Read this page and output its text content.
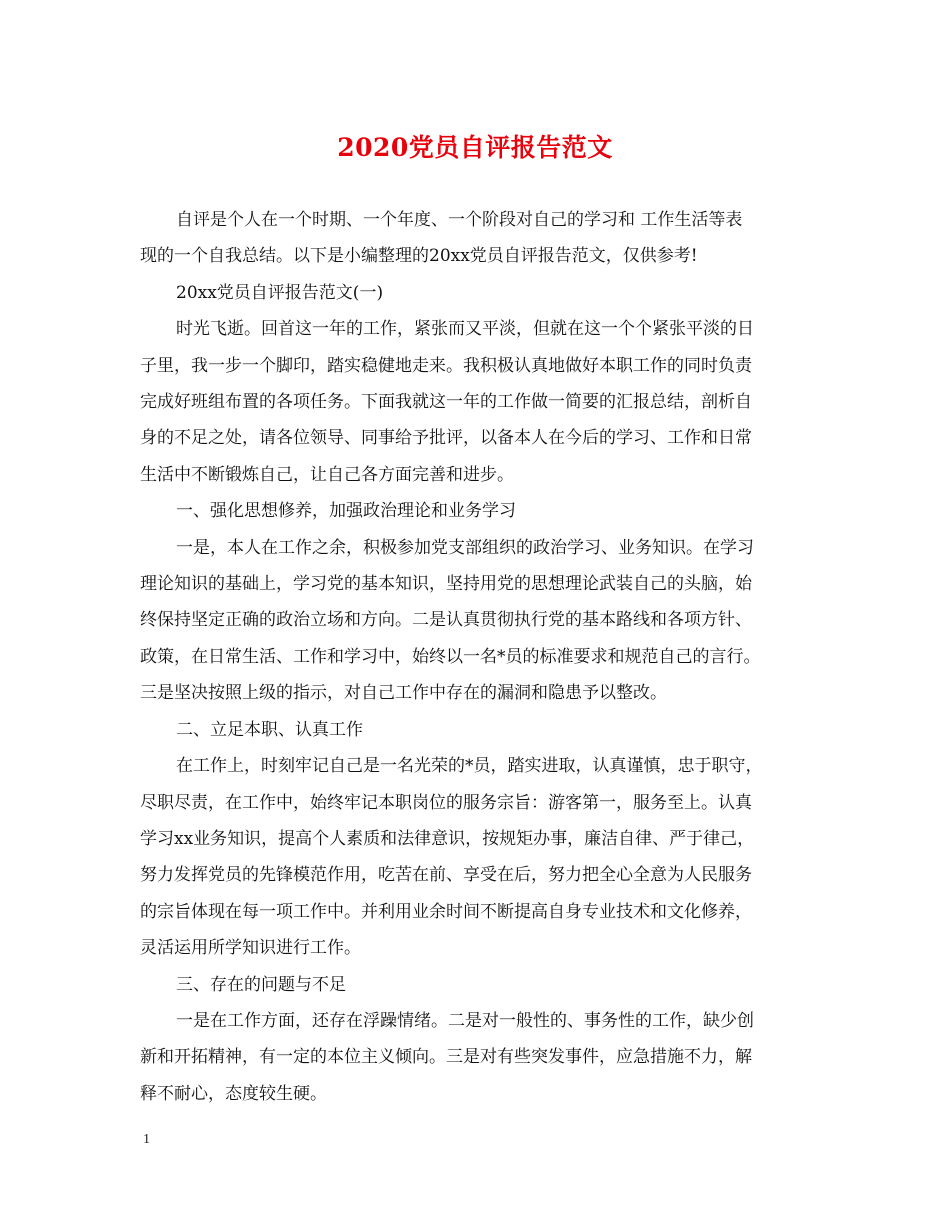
2020党员自评报告范文

自评是个人在一个时期、一个年度、一个阶段对自己的学习和 工作生活等表
现的一个自我总结。以下是小编整理的20xx党员自评报告范文，仅供参考!

20xx党员自评报告范文(一)

时光飞逝。回首这一年的工作，紧张而又平淡，但就在这一个个紧张平淡的日
子里，我一步一个脚印，踏实稳健地走来。我积极认真地做好本职工作的同时负责
完成好班组布置的各项任务。下面我就这一年的工作做一简要的汇报总结，剖析自
身的不足之处，请各位领导、同事给予批评，以备本人在今后的学习、工作和日常
生活中不断锻炼自己，让自己各方面完善和进步。

一、强化思想修养，加强政治理论和业务学习

一是，本人在工作之余，积极参加党支部组织的政治学习、业务知识。在学习
理论知识的基础上，学习党的基本知识，坚持用党的思想理论武装自己的头脑，始
终保持坚定正确的政治立场和方向。二是认真贯彻执行党的基本路线和各项方针、
政策，在日常生活、工作和学习中，始终以一名*员的标准要求和规范自己的言行。
三是坚决按照上级的指示，对自己工作中存在的漏洞和隐患予以整改。

二、立足本职、认真工作

在工作上，时刻牢记自己是一名光荣的*员，踏实进取，认真谨慎，忠于职守，
尽职尽责，在工作中，始终牢记本职岗位的服务宗旨：游客第一，服务至上。认真
学习xx业务知识，提高个人素质和法律意识，按规矩办事，廉洁自律、严于律己，
努力发挥党员的先锋模范作用，吃苦在前、享受在后，努力把全心全意为人民服务
的宗旨体现在每一项工作中。并利用业余时间不断提高自身专业技术和文化修养，
灵活运用所学知识进行工作。

三、存在的问题与不足

一是在工作方面，还存在浮躁情绪。二是对一般性的、事务性的工作，缺少创
新和开拓精神，有一定的本位主义倾向。三是对有些突发事件，应急措施不力，解
释不耐心，态度较生硬。

1
